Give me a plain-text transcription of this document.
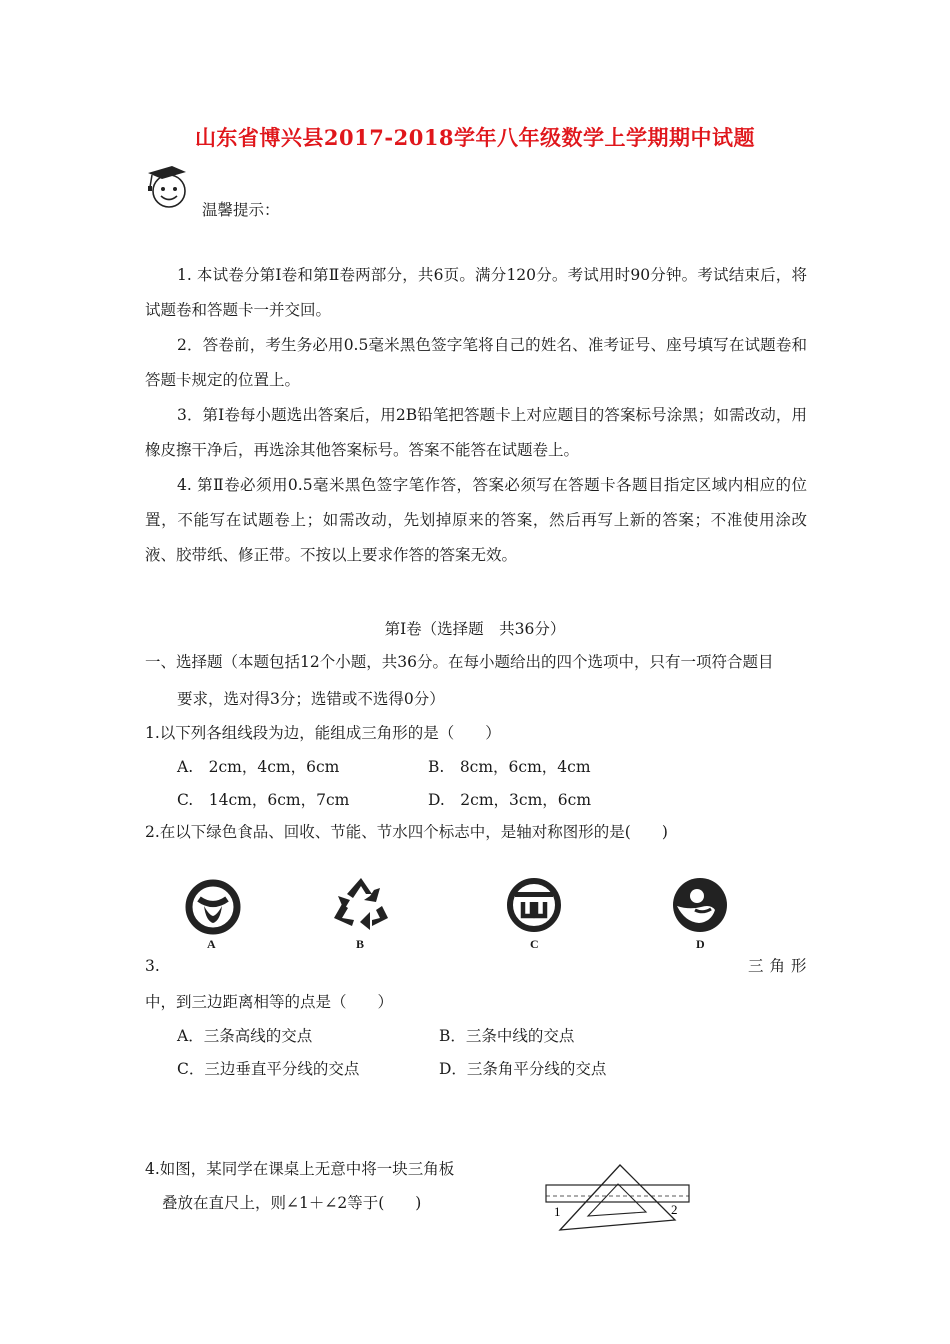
山东省博兴县2017-2018学年八年级数学上学期期中试题
温馨提示：
1. 本试卷分第Ⅰ卷和第Ⅱ卷两部分，共6页。满分120分。考试用时90分钟。考试结束后，将试题卷和答题卡一并交回。
2．答卷前，考生务必用0.5毫米黑色签字笔将自己的姓名、准考证号、座号填写在试题卷和答题卡规定的位置上。
3．第Ⅰ卷每小题选出答案后，用2B铅笔把答题卡上对应题目的答案标号涂黑；如需改动，用橡皮擦干净后，再选涂其他答案标号。答案不能答在试题卷上。
4. 第Ⅱ卷必须用0.5毫米黑色签字笔作答，答案必须写在答题卡各题目指定区域内相应的位置，不能写在试题卷上；如需改动，先划掉原来的答案，然后再写上新的答案；不准使用涂改液、胶带纸、修正带。不按以上要求作答的答案无效。
第Ⅰ卷（选择题　共36分）
一、选择题（本题包括12个小题，共36分。在每小题给出的四个选项中，只有一项符合题目
要求，选对得3分；选错或不选得0分）
1.以下列各组线段为边，能组成三角形的是（　　）
A.　2cm，4cm，6cm	B.　8cm，6cm，4cm
C.　14cm，6cm，7cm	D.　2cm，3cm，6cm
2.在以下绿色食品、回收、节能、节水四个标志中，是轴对称图形的是(　　)
A	B	C	D
3.	三角形
中，到三边距离相等的点是（　　）
A．三条高线的交点	B．三条中线的交点
C．三边垂直平分线的交点	D．三条角平分线的交点
4.如图，某同学在课桌上无意中将一块三角板
叠放在直尺上，则∠1＋∠2等于(　　)	1	2
